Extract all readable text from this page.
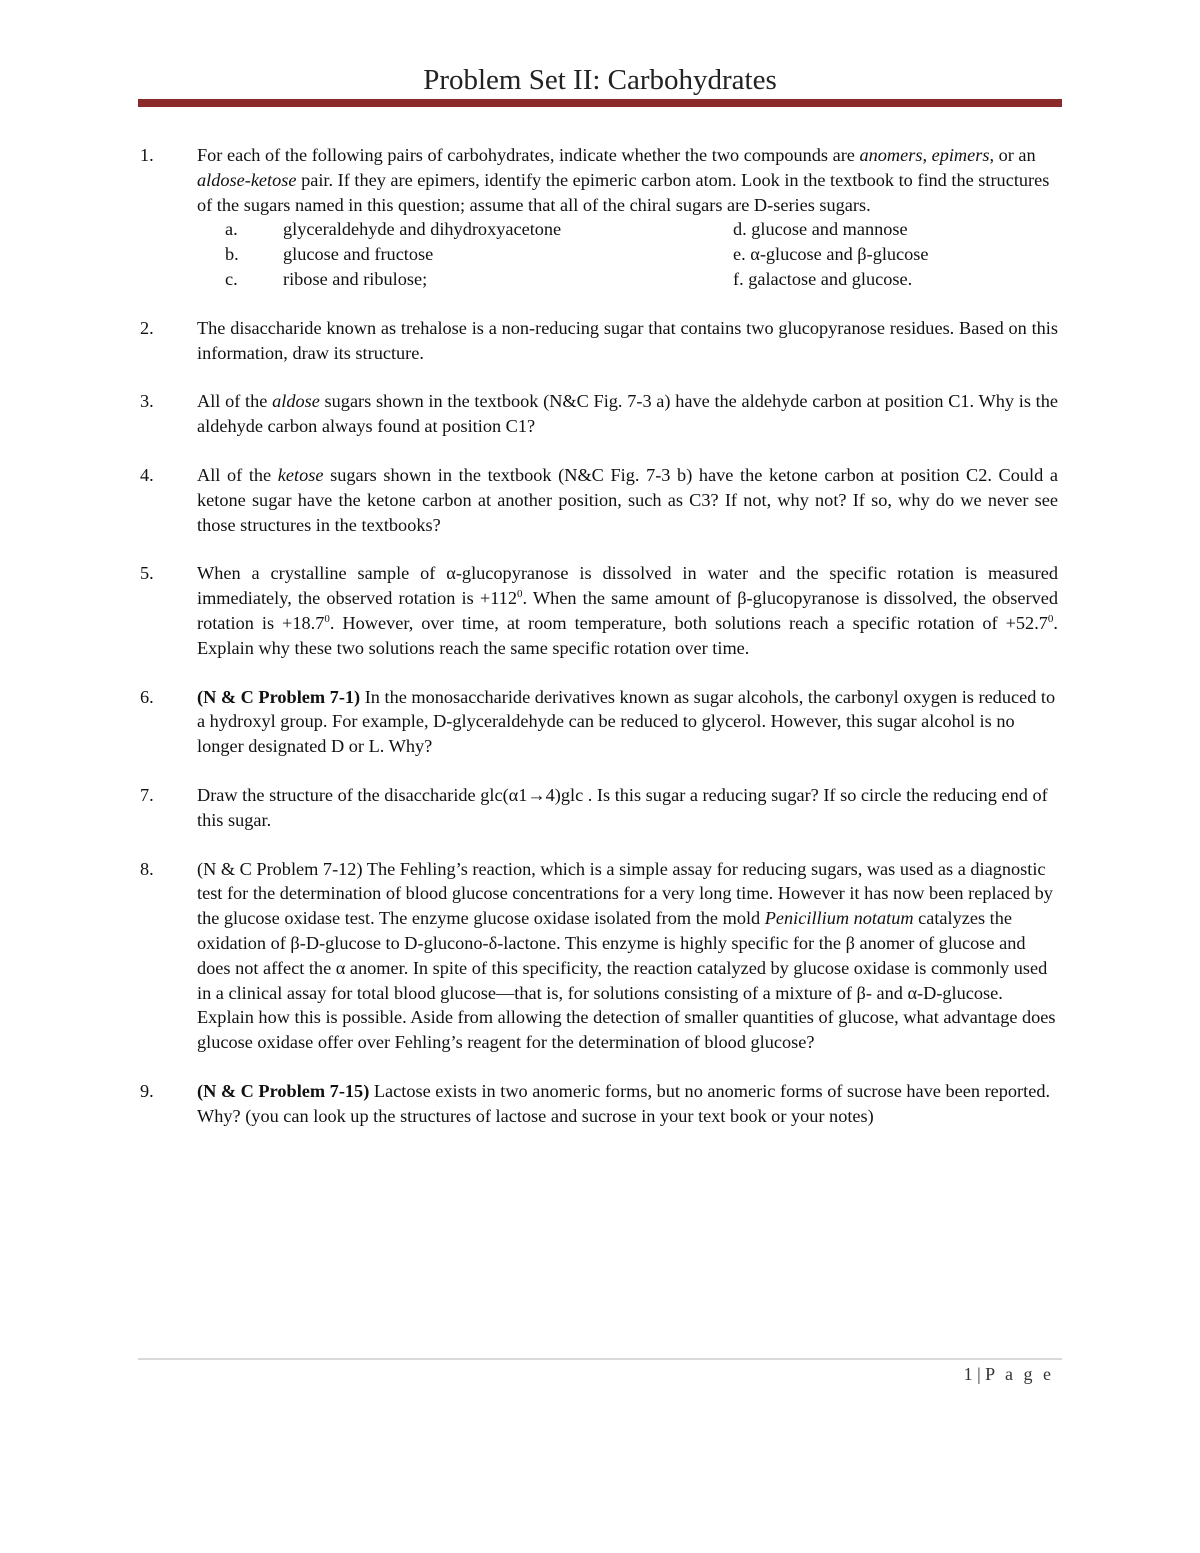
Problem Set II: Carbohydrates
1. For each of the following pairs of carbohydrates, indicate whether the two compounds are anomers, epimers, or an aldose-ketose pair. If they are epimers, identify the epimeric carbon atom. Look in the textbook to find the structures of the sugars named in this question; assume that all of the chiral sugars are D-series sugars.

a.	glyceraldehyde and dihydroxyacetone	d. glucose and mannose
b.	glucose and fructose	e. α-glucose and β-glucose
c.	ribose and ribulose;	f. galactose and glucose.
2. The disaccharide known as trehalose is a non-reducing sugar that contains two glucopyranose residues. Based on this information, draw its structure.

3. All of the aldose sugars shown in the textbook (N&C Fig. 7-3 a) have the aldehyde carbon at position C1. Why is the aldehyde carbon always found at position C1?

4. All of the ketose sugars shown in the textbook (N&C Fig. 7-3 b) have the ketone carbon at position C2. Could a ketone sugar have the ketone carbon at another position, such as C3? If not, why not? If so, why do we never see those structures in the textbooks?

5. When a crystalline sample of α-glucopyranose is dissolved in water and the specific rotation is measured immediately, the observed rotation is $+112^0$. When the same amount of β-glucopyranose is dissolved, the observed rotation is $+18.7^0$. However, over time, at room temperature, both solutions reach a specific rotation of $+52.7^0$. Explain why these two solutions reach the same specific rotation over time.

6. (N & C Problem 7-1) In the monosaccharide derivatives known as sugar alcohols, the carbonyl oxygen is reduced to a hydroxyl group. For example, D-glyceraldehyde can be reduced to glycerol. However, this sugar alcohol is no longer designated D or L. Why?

7. Draw the structure of the disaccharide glc(α1→4)glc . Is this sugar a reducing sugar? If so circle the reducing end of this sugar.

8. (N & C Problem 7-12) The Fehling’s reaction, which is a simple assay for reducing sugars, was used as a diagnostic test for the determination of blood glucose concentrations for a very long time. However it has now been replaced by the glucose oxidase test. The enzyme glucose oxidase isolated from the mold Penicillium notatum catalyzes the oxidation of β-D-glucose to D-glucono-δ-lactone. This enzyme is highly specific for the β anomer of glucose and does not affect the α anomer. In spite of this specificity, the reaction catalyzed by glucose oxidase is commonly used in a clinical assay for total blood glucose—that is, for solutions consisting of a mixture of β- and α-D-glucose. Explain how this is possible. Aside from allowing the detection of smaller quantities of glucose, what advantage does glucose oxidase offer over Fehling’s reagent for the determination of blood glucose?

9. (N & C Problem 7-15) Lactose exists in two anomeric forms, but no anomeric forms of sucrose have been reported. Why? (you can look up the structures of lactose and sucrose in your text book or your notes)

1 | P a g e
